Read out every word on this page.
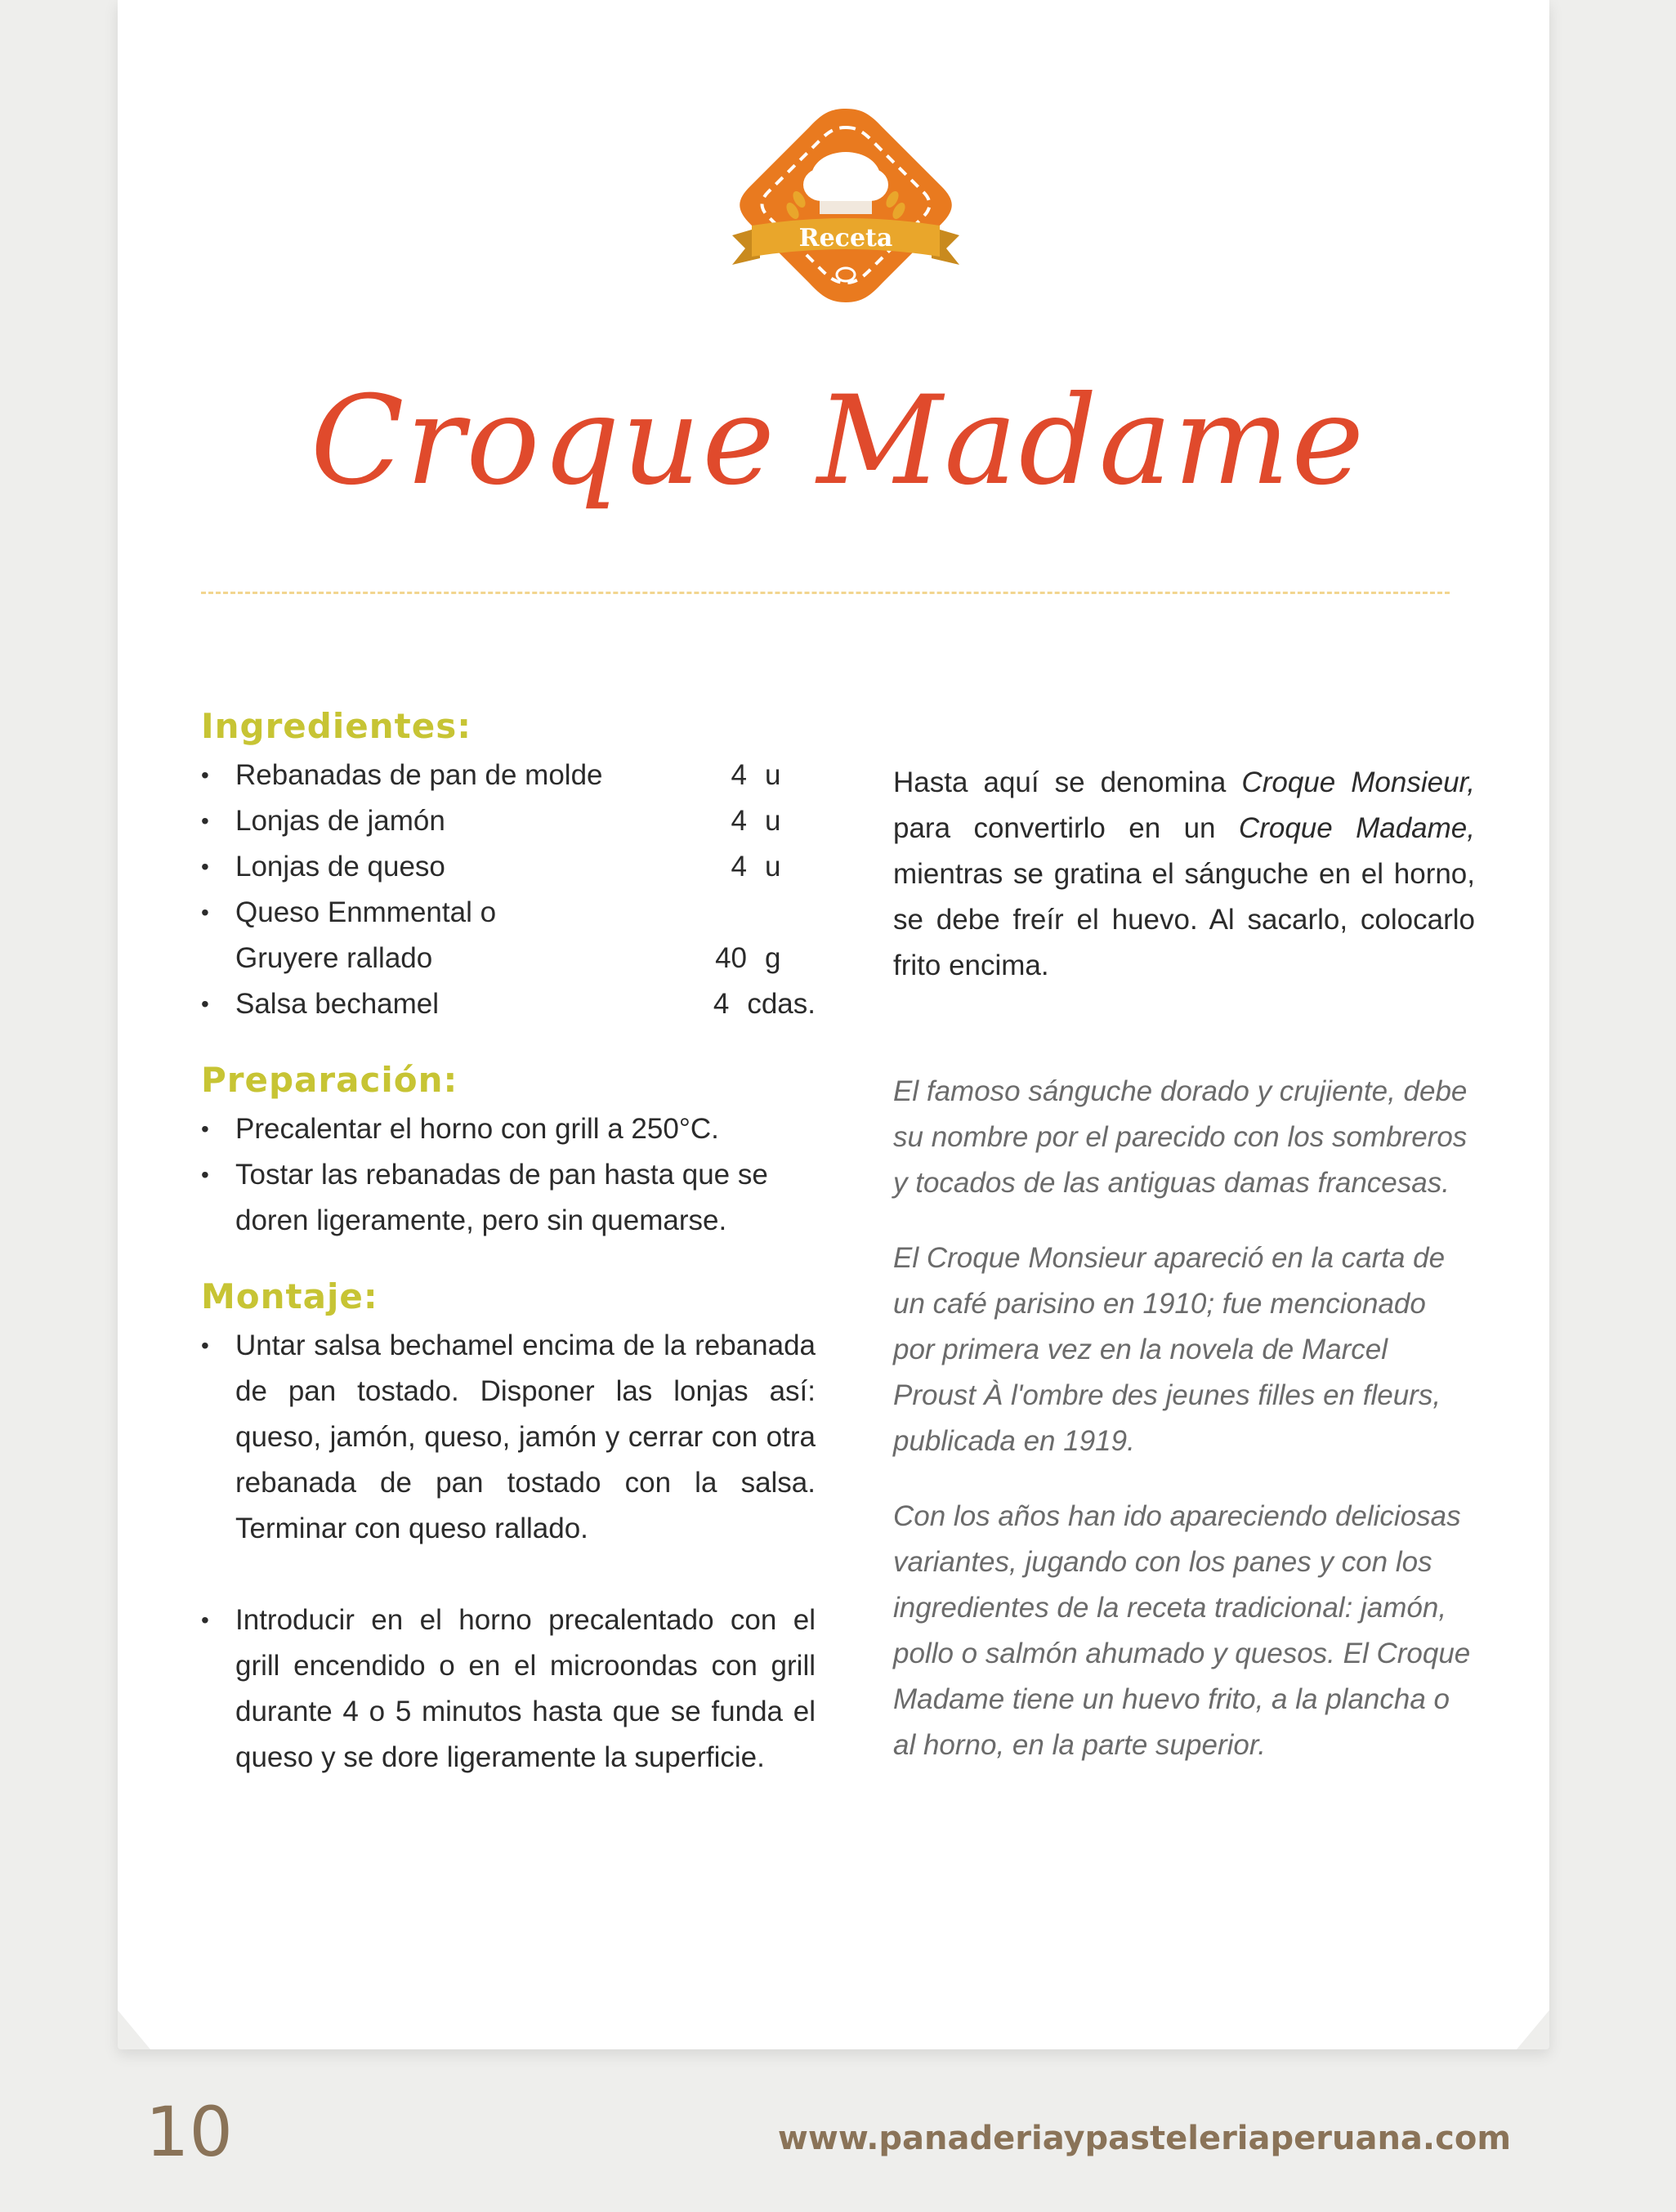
Receta
Croque Madame
Ingredientes:
• Rebanadas de pan de molde	4 u
• Lonjas de jamón	4 u
• Lonjas de queso	4 u
• Queso Enmmental o
Gruyere rallado	40 g
• Salsa bechamel	4 cdas.
Preparación:
• Precalentar el horno con grill a 250°C.
• Tostar las rebanadas de pan hasta que se doren ligeramente, pero sin quemarse.
Montaje:
• Untar salsa bechamel encima de la rebanada de pan tostado. Disponer las lonjas así: queso, jamón, queso, jamón y cerrar con otra rebanada de pan tostado con la salsa. Terminar con queso rallado.
• Introducir en el horno precalentado con el grill encendido o en el microondas con grill durante 4 o 5 minutos hasta que se funda el queso y se dore ligeramente la superficie.

Hasta aquí se denomina Croque Monsieur, para convertirlo en un Croque Madame, mientras se gratina el sánguche en el horno, se debe freír el huevo. Al sacarlo, colocarlo frito encima.

El famoso sánguche dorado y crujiente, debe su nombre por el parecido con los sombreros y tocados de las antiguas damas francesas.

El Croque Monsieur apareció en la carta de un café parisino en 1910; fue mencionado por primera vez en la novela de Marcel Proust À l'ombre des jeunes filles en fleurs, publicada en 1919.

Con los años han ido apareciendo deliciosas variantes, jugando con los panes y con los ingredientes de la receta tradicional: jamón, pollo o salmón ahumado y quesos. El Croque Madame tiene un huevo frito, a la plancha o al horno, en la parte superior.

10	www.panaderiaypasteleriaperuana.com
